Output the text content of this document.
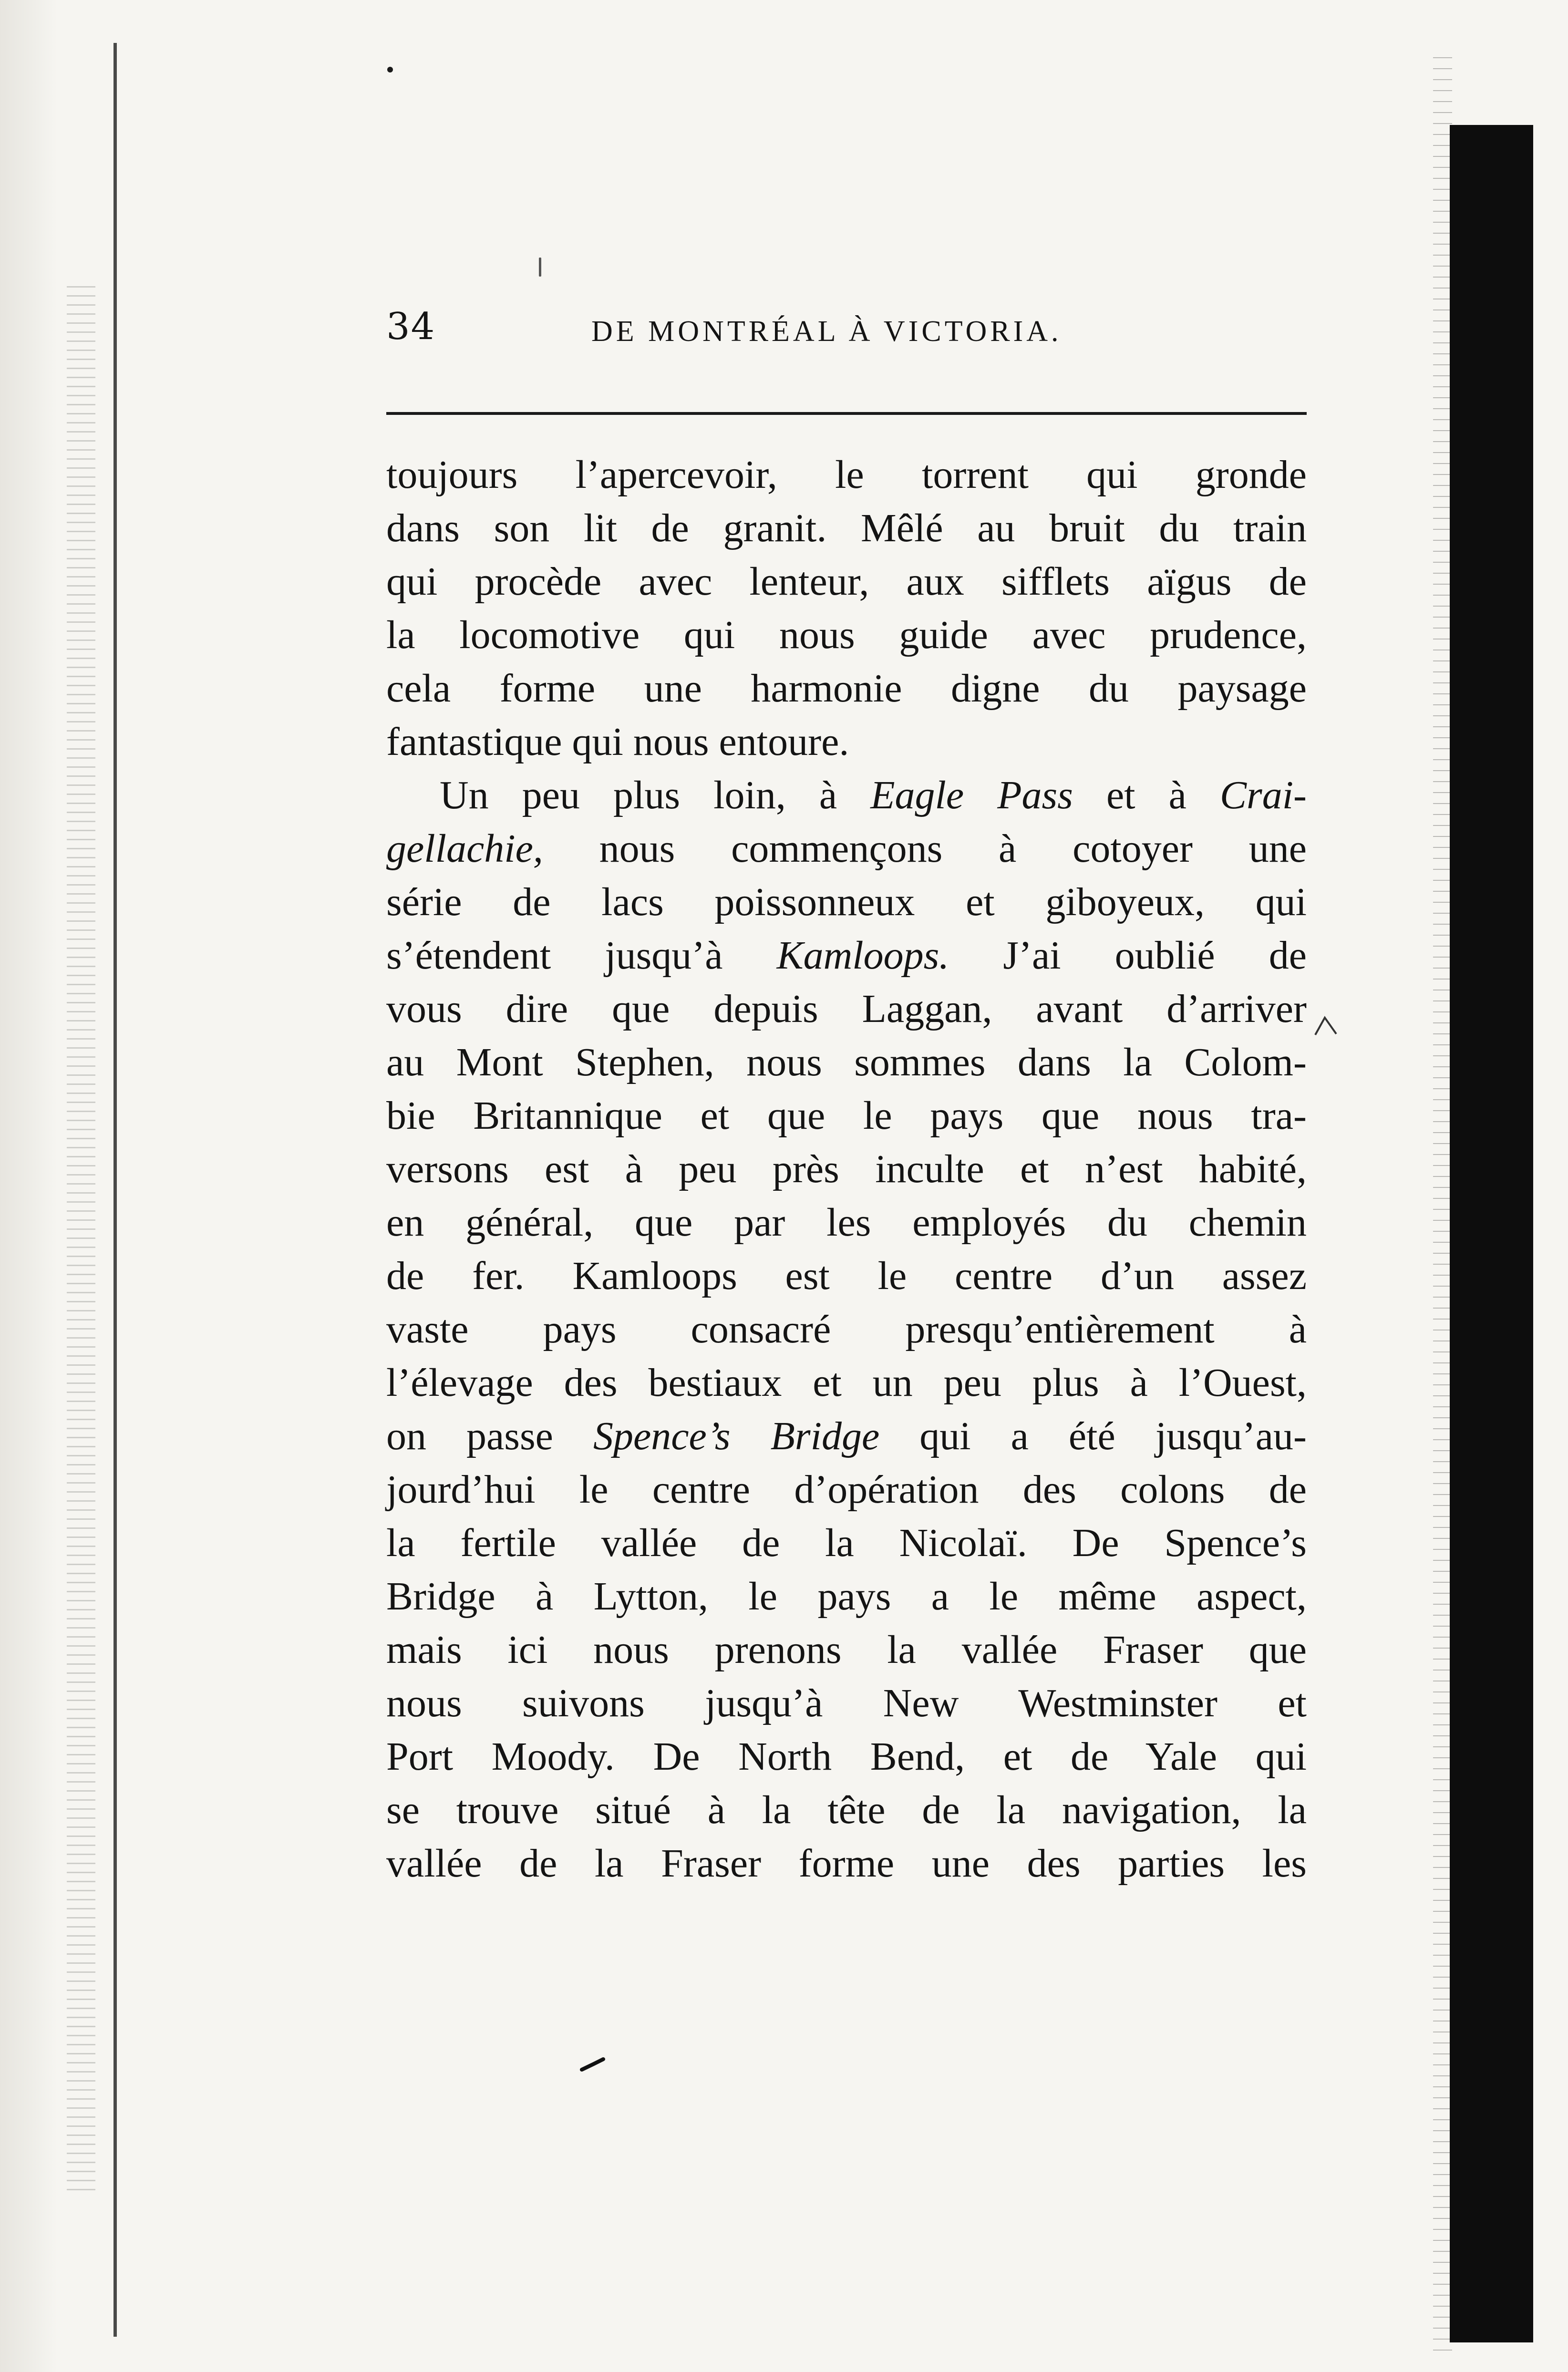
34	DE MONTRÉAL À VICTORIA.
toujours l’apercevoir, le torrent qui gronde
dans son lit de granit. Mêlé au bruit du train
qui procède avec lenteur, aux sifflets aïgus de
la locomotive qui nous guide avec prudence,
cela forme une harmonie digne du paysage
fantastique qui nous entoure.
Un peu plus loin, à Eagle Pass et à Crai-
gellachie, nous commençons à cotoyer une
série de lacs poissonneux et giboyeux, qui
s’étendent jusqu’à Kamloops. J’ai oublié de
vous dire que depuis Laggan, avant d’arriver
au Mont Stephen, nous sommes dans la Colom-
bie Britannique et que le pays que nous tra-
versons est à peu près inculte et n’est habité,
en général, que par les employés du chemin
de fer. Kamloops est le centre d’un assez
vaste pays consacré presqu’entièrement à
l’élevage des bestiaux et un peu plus à l’Ouest,
on passe Spence’s Bridge qui a été jusqu’au-
jourd’hui le centre d’opération des colons de
la fertile vallée de la Nicolaï. De Spence’s
Bridge à Lytton, le pays a le même aspect,
mais ici nous prenons la vallée Fraser que
nous suivons jusqu’à New Westminster et
Port Moody. De North Bend, et de Yale qui
se trouve situé à la tête de la navigation, la
vallée de la Fraser forme une des parties les
